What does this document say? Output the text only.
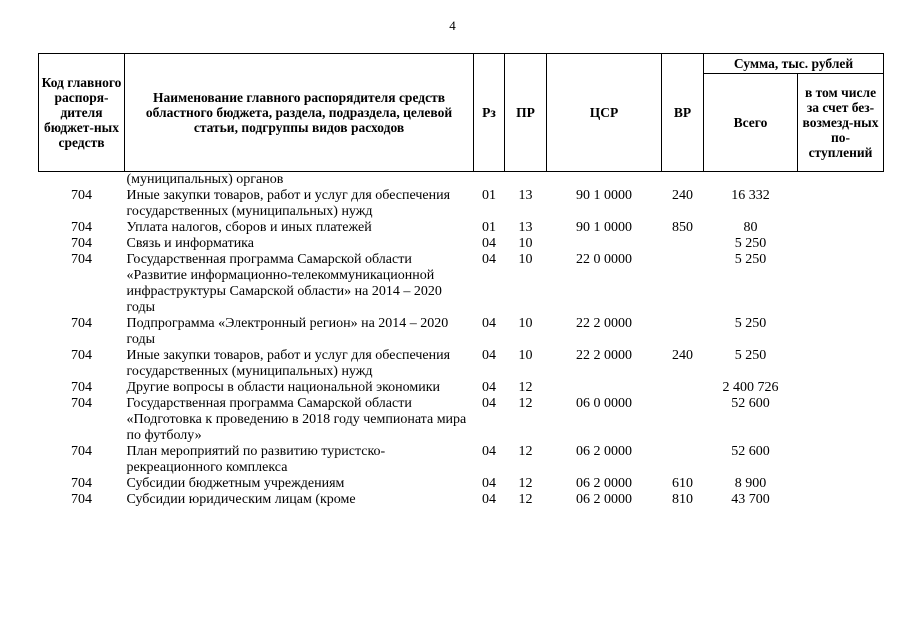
4
Код главного распоря-дителя бюджет-ных средств	Наименование главного распорядителя средств областного бюджета, раздела, подраздела, целевой статьи, подгруппы видов расходов	Рз	ПР	ЦСР	ВР	Сумма, тыс. рублей	
						Всего	в том числе за счет без-возмезд-ных по-ступлений
	(муниципальных) органов						
704	Иные закупки товаров, работ и услуг для обеспечения государственных (муниципальных) нужд	01	13	90 1 0000	240	16 332	
704	Уплата налогов, сборов и иных платежей	01	13	90 1 0000	850	80	
704	Связь и информатика	04	10			5 250	
704	Государственная программа Самарской области «Развитие информационно-телекоммуникационной инфраструктуры Самарской области» на 2014 – 2020 годы	04	10	22 0 0000		5 250	
704	Подпрограмма «Электронный регион» на 2014 – 2020 годы	04	10	22 2 0000		5 250	
704	Иные закупки товаров, работ и услуг для обеспечения государственных (муниципальных) нужд	04	10	22 2 0000	240	5 250	
704	Другие вопросы в области национальной экономики	04	12			2 400 726	
704	Государственная программа Самарской области «Подготовка к проведению в 2018 году чемпионата мира по футболу»	04	12	06 0 0000		52 600	
704	План мероприятий по развитию туристско-рекреационного комплекса	04	12	06 2 0000		52 600	
704	Субсидии бюджетным учреждениям	04	12	06 2 0000	610	8 900	
704	Субсидии юридическим лицам (кроме	04	12	06 2 0000	810	43 700	
